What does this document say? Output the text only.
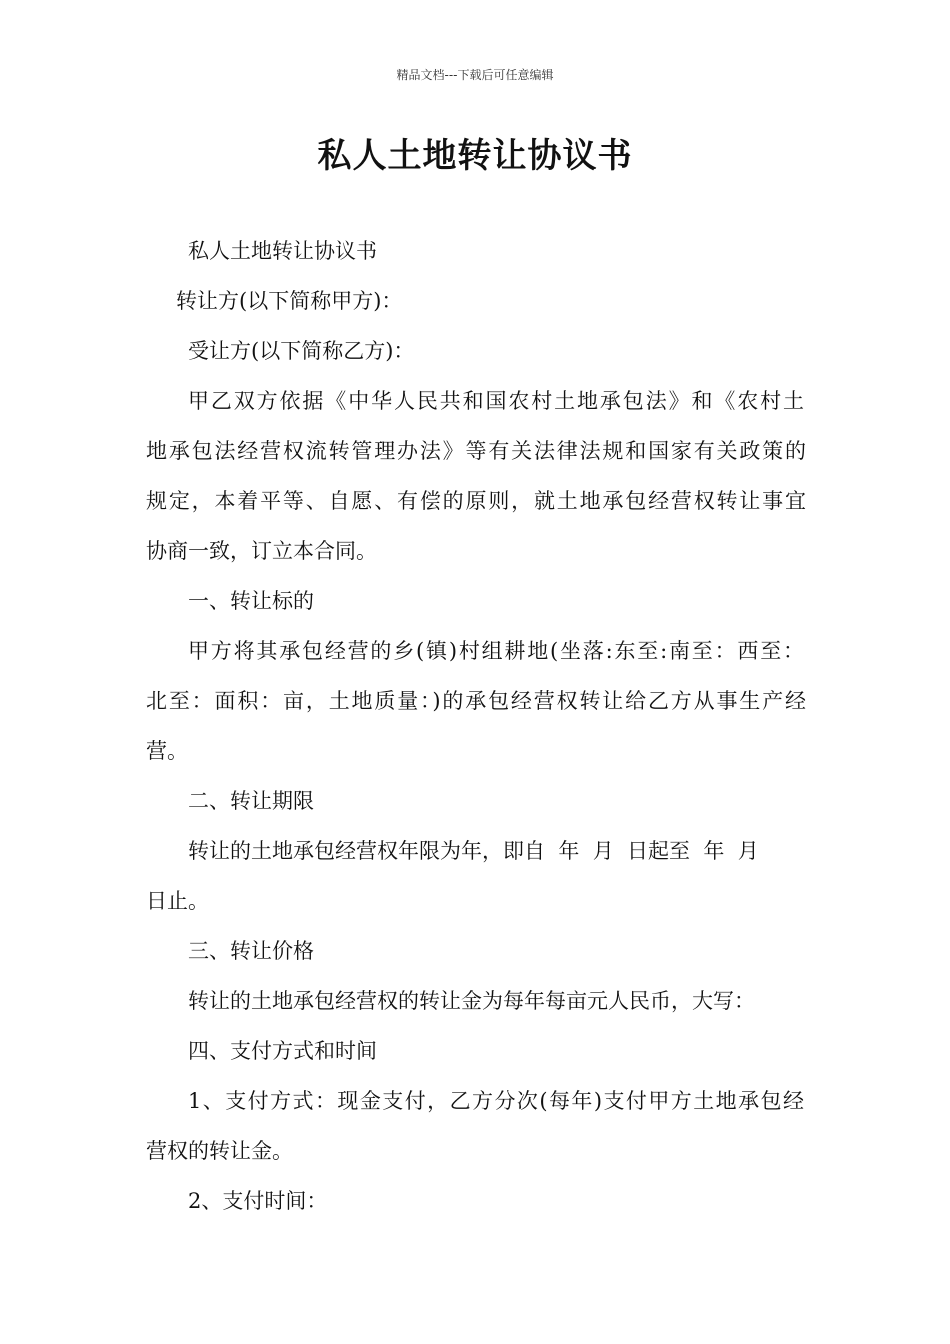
精品文档---下载后可任意编辑
私人土地转让协议书
私人土地转让协议书
转让方(以下简称甲方)：
受让方(以下简称乙方)：
甲乙双方依据《中华人民共和国农村土地承包法》和《农村土
地承包法经营权流转管理办法》等有关法律法规和国家有关政策的
规定，本着平等、自愿、有偿的原则，就土地承包经营权转让事宜
协商一致，订立本合同。
一、转让标的
甲方将其承包经营的乡(镇)村组耕地(坐落:东至:南至：西至：
北至：面积：亩，土地质量：)的承包经营权转让给乙方从事生产经
营。
二、转让期限
转让的土地承包经营权年限为年，即自  年  月  日起至  年  月
日止。
三、转让价格
转让的土地承包经营权的转让金为每年每亩元人民币，大写：
四、支付方式和时间
1、支付方式：现金支付，乙方分次(每年)支付甲方土地承包经
营权的转让金。
2、支付时间：
